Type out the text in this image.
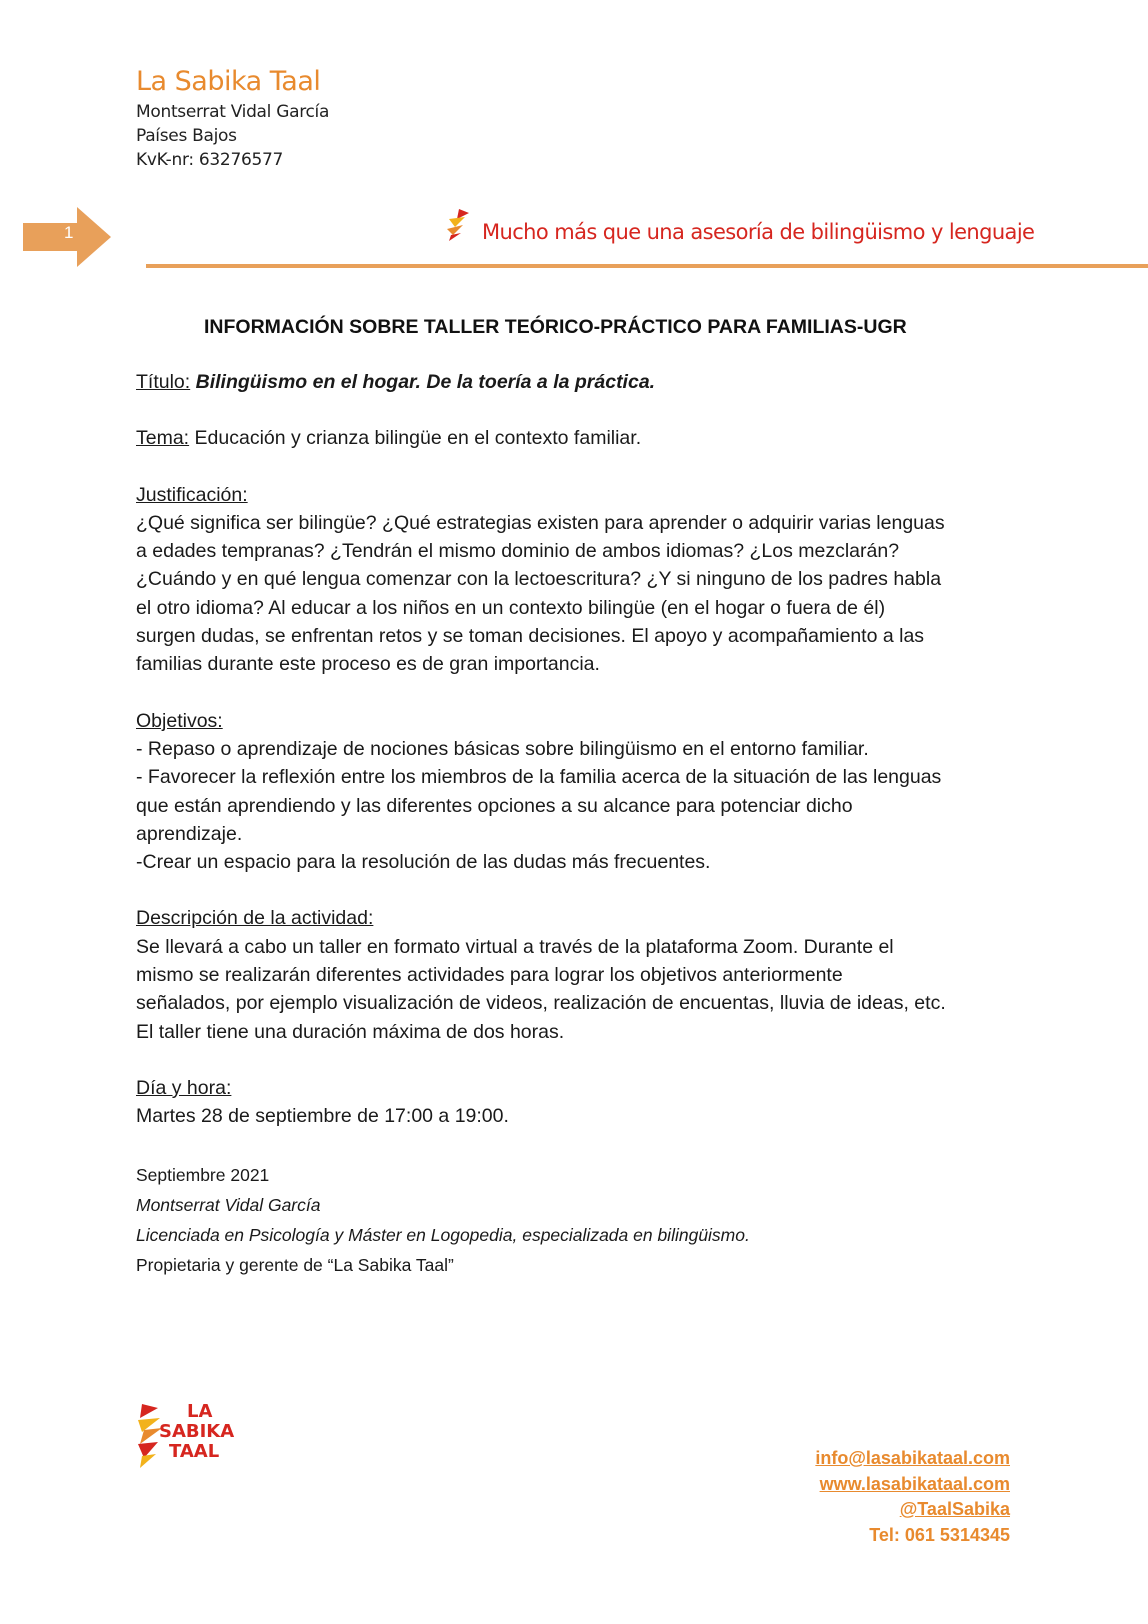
La Sabika Taal
Montserrat Vidal García
Países Bajos
KvK-nr: 63276577
1	Mucho más que una asesoría de bilingüismo y lenguaje
INFORMACIÓN SOBRE TALLER TEÓRICO-PRÁCTICO PARA FAMILIAS-UGR

Título: Bilingüismo en el hogar. De la toería a la práctica.

Tema: Educación y crianza bilingüe en el contexto familiar.

Justificación:

¿Qué significa ser bilingüe? ¿Qué estrategias existen para aprender o adquirir varias lenguas

a edades tempranas? ¿Tendrán el mismo dominio de ambos idiomas? ¿Los mezclarán?

¿Cuándo y en qué lengua comenzar con la lectoescritura? ¿Y si ninguno de los padres habla

el otro idioma? Al educar a los niños en un contexto bilingüe (en el hogar o fuera de él)

surgen dudas, se enfrentan retos y se toman decisiones. El apoyo y acompañamiento a las

familias durante este proceso es de gran importancia.

Objetivos:

- Repaso o aprendizaje de nociones básicas sobre bilingüismo en el entorno familiar.

- Favorecer la reflexión entre los miembros de la familia acerca de la situación de las lenguas

que están aprendiendo y las diferentes opciones a su alcance para potenciar dicho

aprendizaje.

-Crear un espacio para la resolución de las dudas más frecuentes.

Descripción de la actividad:

Se llevará a cabo un taller en formato virtual a través de la plataforma Zoom. Durante el

mismo se realizarán diferentes actividades para lograr los objetivos anteriormente

señalados, por ejemplo visualización de videos, realización de encuentas, lluvia de ideas, etc.

El taller tiene una duración máxima de dos horas.

Día y hora:

Martes 28 de septiembre de 17:00 a 19:00.

Septiembre 2021
Montserrat Vidal García
Licenciada en Psicología y Máster en Logopedia, especializada en bilingüismo.
Propietaria y gerente de “La Sabika Taal”
LA
SABIKA
TAAL	info@lasabikataal.com
www.lasabikataal.com
@TaalSabika
Tel: 061 5314345
